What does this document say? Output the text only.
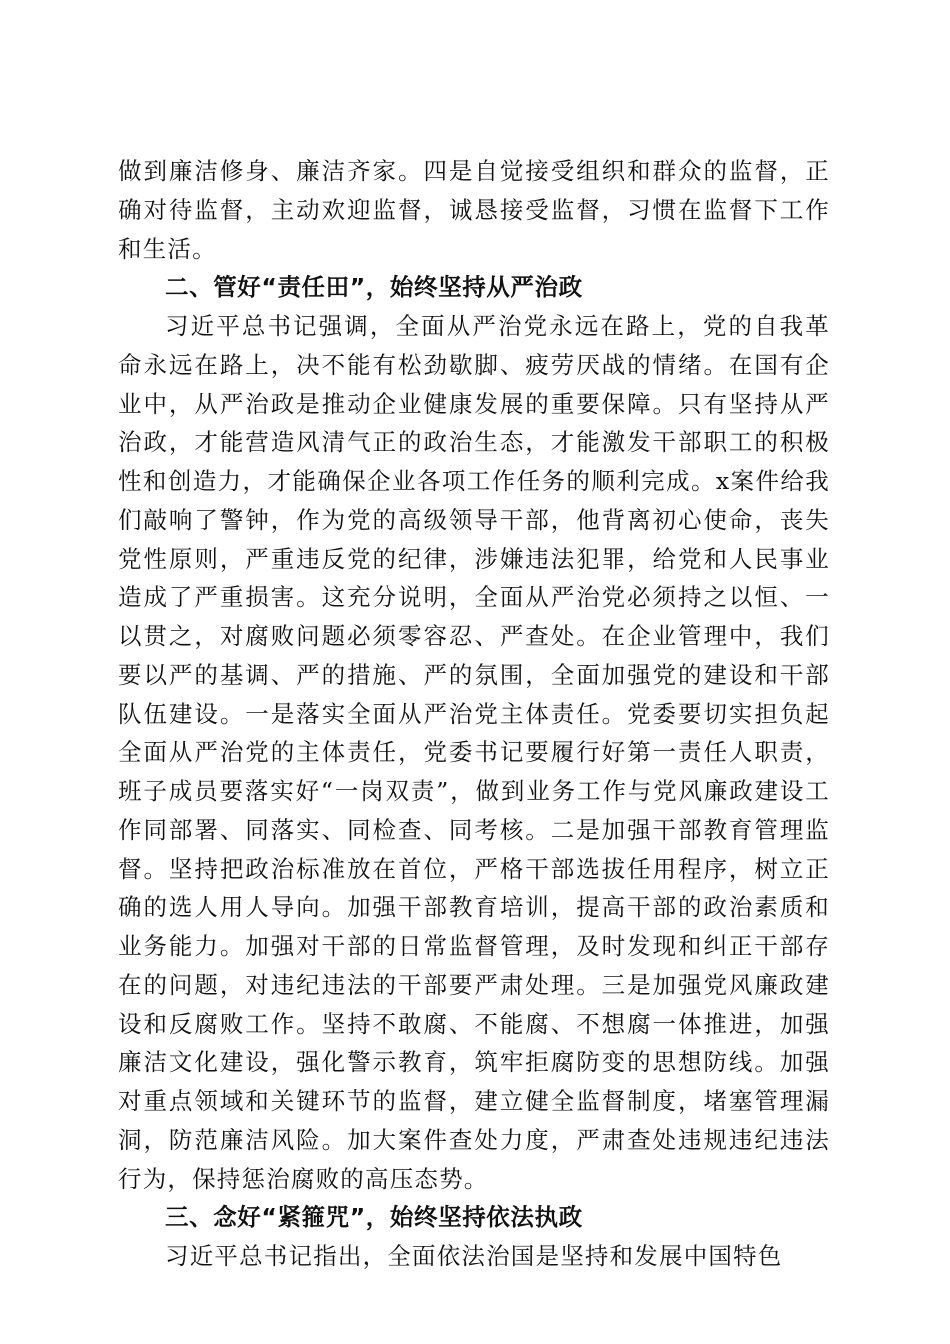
做到廉洁修身、廉洁齐家。四是自觉接受组织和群众的监督，正确对待监督，主动欢迎监督，诚恳接受监督，习惯在监督下工作和生活。

二、管好“责任田”，始终坚持从严治政

习近平总书记强调，全面从严治党永远在路上，党的自我革命永远在路上，决不能有松劲歇脚、疲劳厌战的情绪。在国有企业中，从严治政是推动企业健康发展的重要保障。只有坚持从严治政，才能营造风清气正的政治生态，才能激发干部职工的积极性和创造力，才能确保企业各项工作任务的顺利完成。x案件给我们敲响了警钟，作为党的高级领导干部，他背离初心使命，丧失党性原则，严重违反党的纪律，涉嫌违法犯罪，给党和人民事业造成了严重损害。这充分说明，全面从严治党必须持之以恒、一以贯之，对腐败问题必须零容忍、严查处。在企业管理中，我们要以严的基调、严的措施、严的氛围，全面加强党的建设和干部队伍建设。一是落实全面从严治党主体责任。党委要切实担负起全面从严治党的主体责任，党委书记要履行好第一责任人职责，班子成员要落实好“一岗双责”，做到业务工作与党风廉政建设工作同部署、同落实、同检查、同考核。二是加强干部教育管理监督。坚持把政治标准放在首位，严格干部选拔任用程序，树立正确的选人用人导向。加强干部教育培训，提高干部的政治素质和业务能力。加强对干部的日常监督管理，及时发现和纠正干部存在的问题，对违纪违法的干部要严肃处理。三是加强党风廉政建设和反腐败工作。坚持不敢腐、不能腐、不想腐一体推进，加强廉洁文化建设，强化警示教育，筑牢拒腐防变的思想防线。加强对重点领域和关键环节的监督，建立健全监督制度，堵塞管理漏洞，防范廉洁风险。加大案件查处力度，严肃查处违规违纪违法行为，保持惩治腐败的高压态势。

三、念好“紧箍咒”，始终坚持依法执政

习近平总书记指出，全面依法治国是坚持和发展中国特色
